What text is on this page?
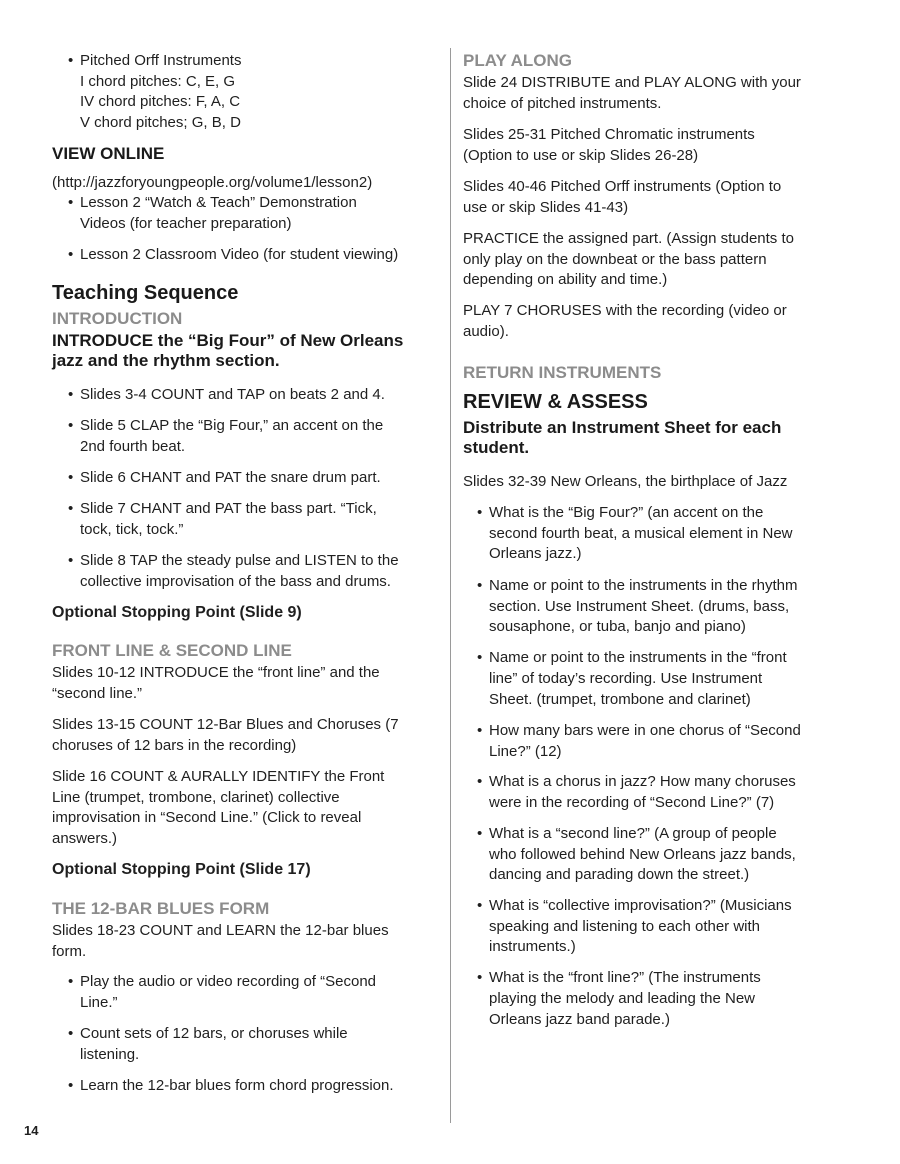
• Pitched Orff Instruments
I chord pitches: C, E, G
IV chord pitches: F, A, C
V chord pitches; G, B, D
VIEW ONLINE
(http://jazzforyoungpeople.org/volume1/lesson2)
• Lesson 2 “Watch & Teach” Demonstration
Videos (for teacher preparation)
• Lesson 2 Classroom Video (for student viewing)
Teaching Sequence
INTRODUCTION
INTRODUCE the “Big Four” of New Orleans
jazz and the rhythm section.
• Slides 3-4 COUNT and TAP on beats 2 and 4.
• Slide 5 CLAP the “Big Four,” an accent on the
2nd fourth beat.
• Slide 6 CHANT and PAT the snare drum part.
• Slide 7 CHANT and PAT the bass part. “Tick,
tock, tick, tock.”
• Slide 8 TAP the steady pulse and LISTEN to the
collective improvisation of the bass and drums.
Optional Stopping Point (Slide 9)
FRONT LINE & SECOND LINE
Slides 10-12 INTRODUCE the “front line” and the
“second line.”
Slides 13-15 COUNT 12-Bar Blues and Choruses (7
choruses of 12 bars in the recording)
Slide 16 COUNT & AURALLY IDENTIFY the Front
Line (trumpet, trombone, clarinet) collective
improvisation in “Second Line.” (Click to reveal
answers.)
Optional Stopping Point (Slide 17)
THE 12-BAR BLUES FORM
Slides 18-23 COUNT and LEARN the 12-bar blues
form.
• Play the audio or video recording of “Second
Line.”
• Count sets of 12 bars, or choruses while
listening.
• Learn the 12-bar blues form chord progression.
PLAY ALONG
Slide 24 DISTRIBUTE and PLAY ALONG with your
choice of pitched instruments.
Slides 25-31 Pitched Chromatic instruments
(Option to use or skip Slides 26-28)
Slides 40-46 Pitched Orff instruments (Option to
use or skip Slides 41-43)
PRACTICE the assigned part. (Assign students to
only play on the downbeat or the bass pattern
depending on ability and time.)
PLAY 7 CHORUSES with the recording (video or
audio).
RETURN INSTRUMENTS
REVIEW & ASSESS
Distribute an Instrument Sheet for each
student.
Slides 32-39 New Orleans, the birthplace of Jazz
• What is the “Big Four?” (an accent on the
second fourth beat, a musical element in New
Orleans jazz.)
• Name or point to the instruments in the rhythm
section. Use Instrument Sheet. (drums, bass,
sousaphone, or tuba, banjo and piano)
• Name or point to the instruments in the “front
line” of today’s recording. Use Instrument
Sheet. (trumpet, trombone and clarinet)
• How many bars were in one chorus of “Second
Line?” (12)
• What is a chorus in jazz? How many choruses
were in the recording of “Second Line?” (7)
• What is a “second line?” (A group of people
who followed behind New Orleans jazz bands,
dancing and parading down the street.)
• What is “collective improvisation?” (Musicians
speaking and listening to each other with
instruments.)
• What is the “front line?” (The instruments
playing the melody and leading the New
Orleans jazz band parade.)
14
